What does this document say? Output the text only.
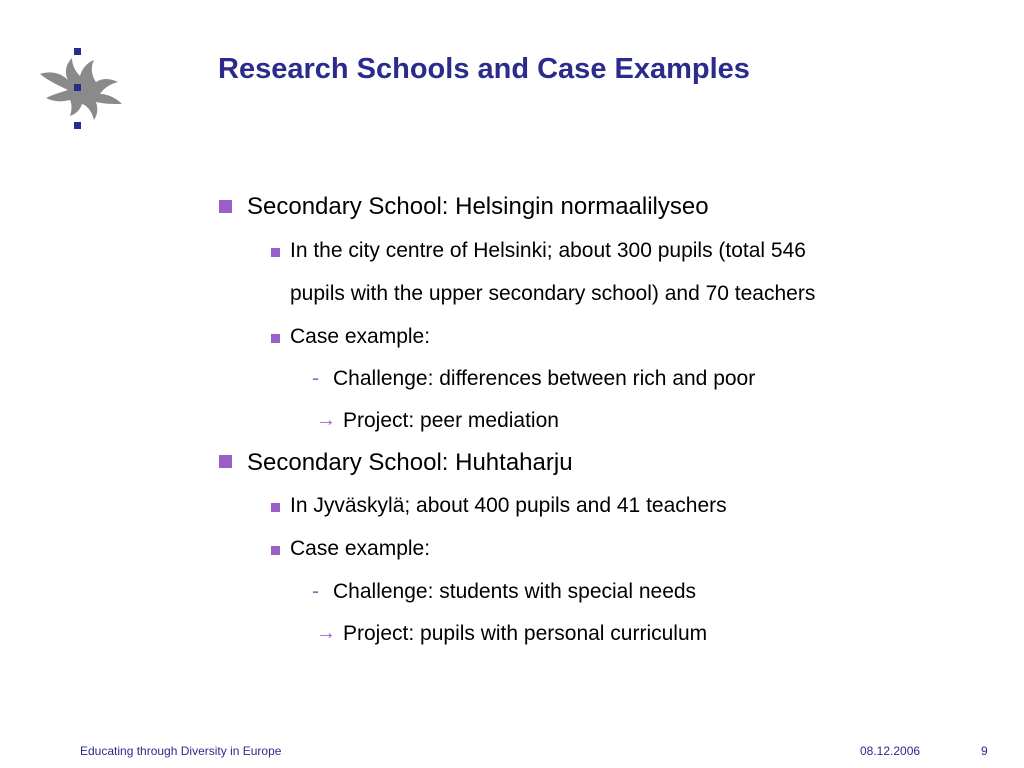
Research Schools and Case Examples
Secondary School: Helsingin normaalilyseo
In the city centre of Helsinki; about 300 pupils (total 546
pupils with the upper secondary school) and 70 teachers
Case example:
- Challenge: differences between rich and poor
→ Project: peer mediation
Secondary School: Huhtaharju
In Jyväskylä; about 400 pupils and 41 teachers
Case example:
- Challenge: students with special needs
→ Project: pupils with personal curriculum
Educating through Diversity in Europe	08.12.2006	9
